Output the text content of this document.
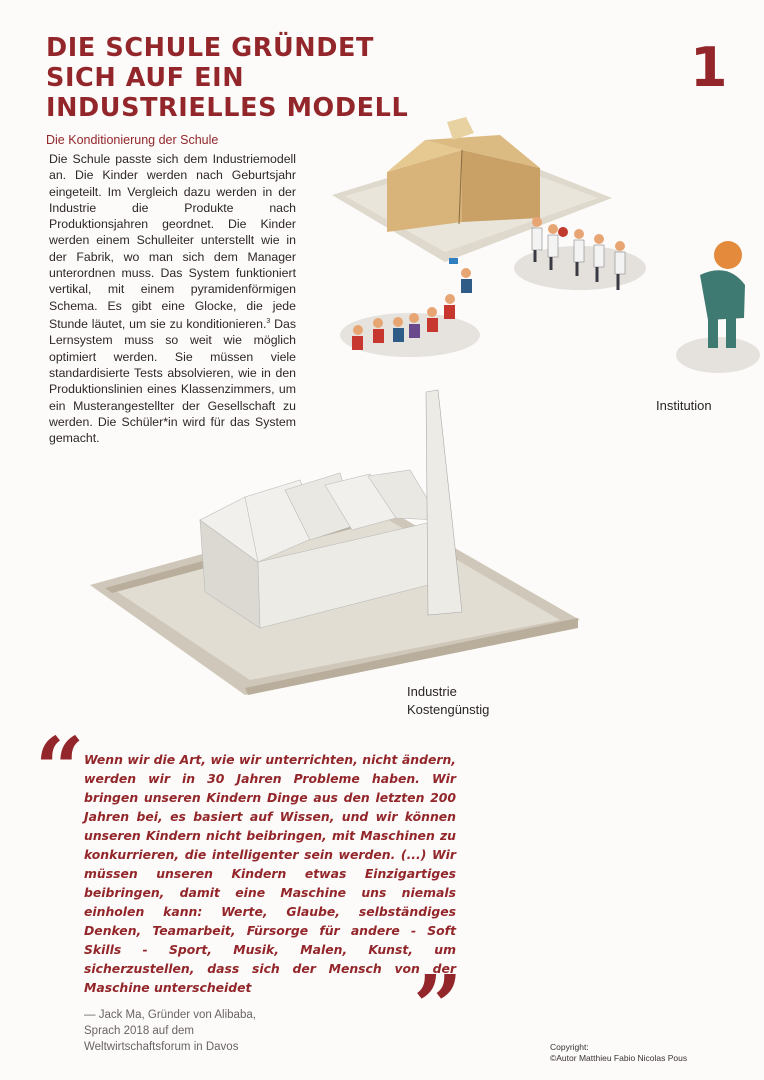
DIE SCHULE GRÜNDET
SICH AUF EIN
INDUSTRIELLES MODELL
1
Die Konditionierung der Schule
Die Schule passte sich dem Industriemodell an. Die Kinder werden nach Geburtsjahr eingeteilt. Im Vergleich dazu werden in der Industrie die Produkte nach Produktionsjahren geordnet. Die Kinder werden einem Schulleiter unterstellt wie in der Fabrik, wo man sich dem Manager unterordnen muss. Das System funktioniert vertikal, mit einem pyramidenförmigen Schema. Es gibt eine Glocke, die jede Stunde läutet, um sie zu konditionieren.$^3$ Das Lernsystem muss so weit wie möglich optimiert werden. Sie müssen viele standardisierte Tests absolvieren, wie in den Produktionslinien eines Klassenzimmers, um ein Musterangestellter der Gesellschaft zu werden. Die Schüler*in wird für das System gemacht.
Institution
Industrie
Kostengünstig
“ Wenn wir die Art, wie wir unterrichten, nicht ändern, werden wir in 30 Jahren Probleme haben. Wir bringen unseren Kindern Dinge aus den letzten 200 Jahren bei, es basiert auf Wissen, und wir können unseren Kindern nicht beibringen, mit Maschinen zu konkurrieren, die intelligenter sein werden. (...) Wir müssen unseren Kindern etwas Einzigartiges beibringen, damit eine Maschine uns niemals einholen kann: Werte, Glaube, selbständiges Denken, Teamarbeit, Fürsorge für andere - Soft Skills - Sport, Musik, Malen, Kunst, um sicherzustellen, dass sich der Mensch von der Maschine unterscheidet	”
— Jack Ma, Gründer von Alibaba,
Sprach 2018 auf dem
Weltwirtschaftsforum in Davos	Copyright:
©Autor Matthieu Fabio Nicolas Pous
